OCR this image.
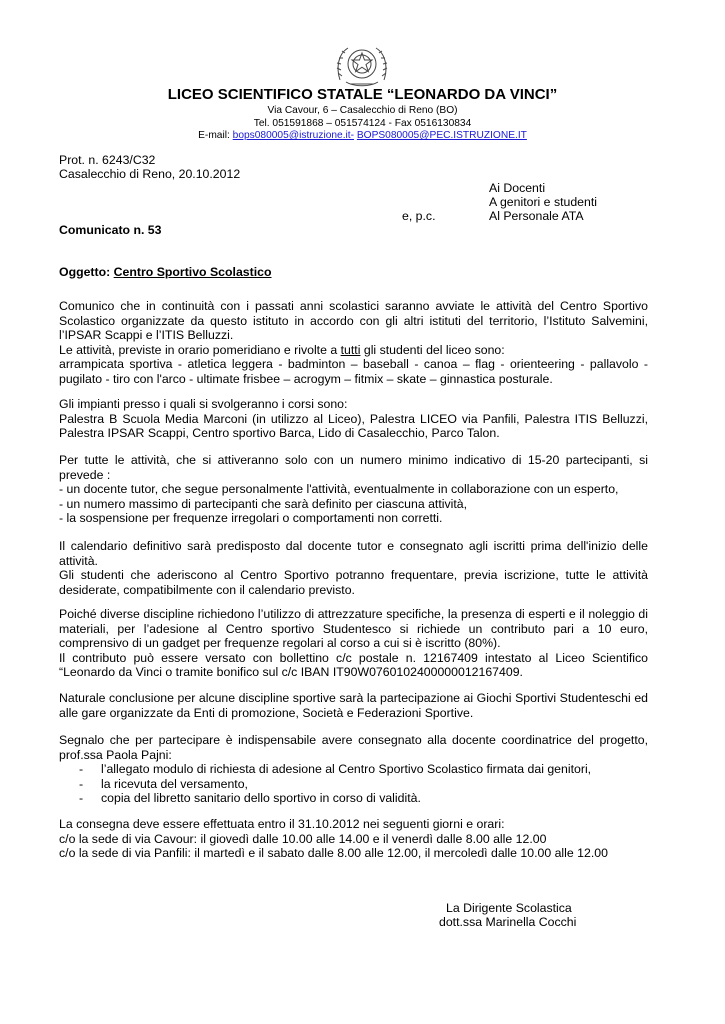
LICEO SCIENTIFICO STATALE “LEONARDO DA VINCI”
Via Cavour, 6 – Casalecchio di Reno (BO)
Tel. 051591868 – 051574124 - Fax 0516130834
E-mail: bops080005@istruzione.it- BOPS080005@PEC.ISTRUZIONE.IT
Prot. n. 6243/C32
Casalecchio di Reno, 20.10.2012
Ai Docenti
A genitori e studenti
e, p.c.	Al Personale ATA
Comunicato n. 53
Oggetto: Centro Sportivo Scolastico

Comunico che in continuità con i passati anni scolastici saranno avviate le attività del Centro Sportivo Scolastico organizzate da questo istituto in accordo con gli altri istituti del territorio, l’Istituto Salvemini, l’IPSAR Scappi e l’ITIS Belluzzi.

Le attività, previste in orario pomeridiano e rivolte a tutti gli studenti del liceo sono:

arrampicata sportiva - atletica leggera - badminton – baseball - canoa – flag - orienteering - pallavolo - pugilato - tiro con l'arco - ultimate frisbee – acrogym – fitmix – skate – ginnastica posturale.

Gli impianti presso i quali si svolgeranno i corsi sono:

Palestra B Scuola Media Marconi (in utilizzo al Liceo), Palestra LICEO via Panfili, Palestra ITIS Belluzzi, Palestra IPSAR Scappi, Centro sportivo Barca, Lido di Casalecchio, Parco Talon.

Per tutte le attività, che si attiveranno solo con un numero minimo indicativo di 15-20 partecipanti, si prevede :

- un docente tutor, che segue personalmente l'attività, eventualmente in collaborazione con un esperto,
- un numero massimo di partecipanti che sarà definito per ciascuna attività,
- la sospensione per frequenze irregolari o comportamenti non corretti.

Il calendario definitivo sarà predisposto dal docente tutor e consegnato agli iscritti prima dell'inizio delle attività.

Gli studenti che aderiscono al Centro Sportivo potranno frequentare, previa iscrizione, tutte le attività desiderate, compatibilmente con il calendario previsto.

Poiché diverse discipline richiedono l’utilizzo di attrezzature specifiche, la presenza di esperti e il noleggio di materiali, per l’adesione al Centro sportivo Studentesco si richiede un contributo pari a 10 euro, comprensivo di un gadget per frequenze regolari al corso a cui si è iscritto (80%).

Il contributo può essere versato con bollettino c/c postale n. 12167409 intestato al Liceo Scientifico “Leonardo da Vinci o tramite bonifico sul c/c IBAN IT90W0760102400000012167409.

Naturale conclusione per alcune discipline sportive sarà la partecipazione ai Giochi Sportivi Studenteschi ed alle gare organizzate da Enti di promozione, Società e Federazioni Sportive.

Segnalo che per partecipare è indispensabile avere consegnato alla docente coordinatrice del progetto, prof.ssa Paola Pajni:

- l’allegato modulo di richiesta di adesione al Centro Sportivo Scolastico firmata dai genitori,
- la ricevuta del versamento,
- copia del libretto sanitario dello sportivo in corso di validità.

La consegna deve essere effettuata entro il 31.10.2012 nei seguenti giorni e orari:

c/o la sede di via Cavour: il giovedì dalle 10.00 alle 14.00 e il venerdì dalle 8.00 alle 12.00

c/o la sede di via Panfili: il martedì e il sabato dalle 8.00 alle 12.00, il mercoledì dalle 10.00 alle 12.00

La Dirigente Scolastica
dott.ssa Marinella Cocchi
